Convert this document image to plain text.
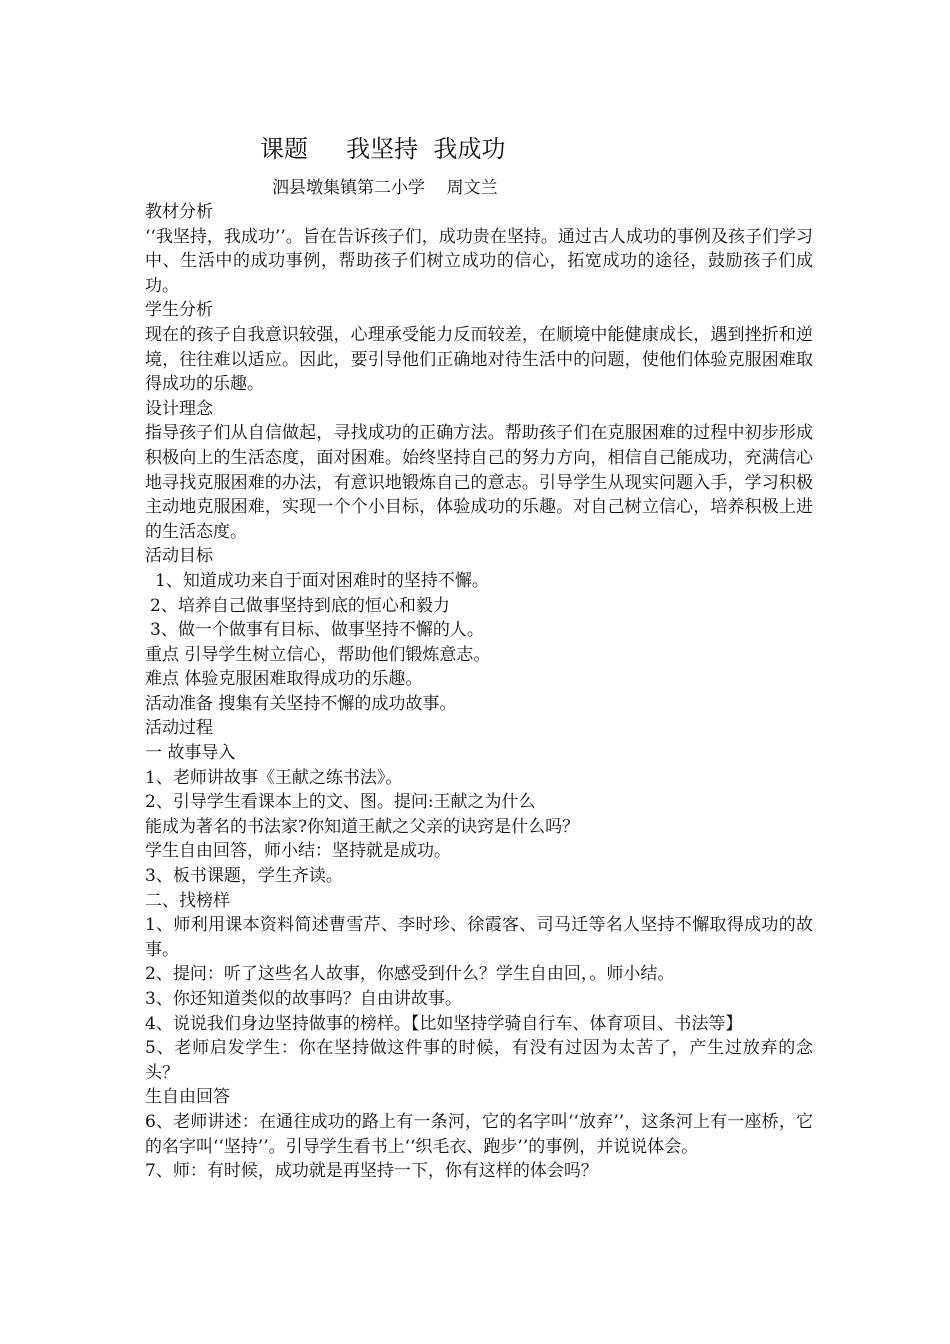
课题     我坚持  我成功
泗县墩集镇第二小学    周文兰

教材分析

‘‘我坚持，我成功’’。旨在告诉孩子们，成功贵在坚持。通过古人成功的事例及孩子们学习中、生活中的成功事例，帮助孩子们树立成功的信心，拓宽成功的途径，鼓励孩子们成功。

学生分析

现在的孩子自我意识较强，心理承受能力反而较差，在顺境中能健康成长，遇到挫折和逆境，往往难以适应。因此，要引导他们正确地对待生活中的问题，使他们体验克服困难取得成功的乐趣。

设计理念

指导孩子们从自信做起，寻找成功的正确方法。帮助孩子们在克服困难的过程中初步形成积极向上的生活态度，面对困难。始终坚持自己的努力方向，相信自己能成功，充满信心地寻找克服困难的办法，有意识地锻炼自己的意志。引导学生从现实问题入手，学习积极主动地克服困难，实现一个个小目标，体验成功的乐趣。对自己树立信心，培养积极上进的生活态度。

活动目标

1、知道成功来自于面对困难时的坚持不懈。

2、培养自己做事坚持到底的恒心和毅力

3、做一个做事有目标、做事坚持不懈的人。

重点 引导学生树立信心，帮助他们锻炼意志。

难点 体验克服困难取得成功的乐趣。

活动准备 搜集有关坚持不懈的成功故事。

活动过程

一 故事导入

1、老师讲故事《王献之练书法》。

2、引导学生看课本上的文、图。提问:王献之为什么

能成为著名的书法家?你知道王献之父亲的诀窍是什么吗？

学生自由回答，师小结：坚持就是成功。

3、板书课题，学生齐读。

二、找榜样

1、师利用课本资料简述曹雪芹、李时珍、徐霞客、司马迁等名人坚持不懈取得成功的故事。

2、提问：听了这些名人故事，你感受到什么？学生自由回，。师小结。

3、你还知道类似的故事吗？自由讲故事。

4、说说我们身边坚持做事的榜样。【比如坚持学骑自行车、体育项目、书法等】

5、老师启发学生：你在坚持做这件事的时候，有没有过因为太苦了，产生过放弃的念头？

生自由回答

6、老师讲述：在通往成功的路上有一条河，它的名字叫‘‘放弃’’，这条河上有一座桥，它的名字叫‘‘坚持’’。引导学生看书上‘‘织毛衣、跑步’’的事例，并说说体会。

7、师：有时候，成功就是再坚持一下，你有这样的体会吗？
